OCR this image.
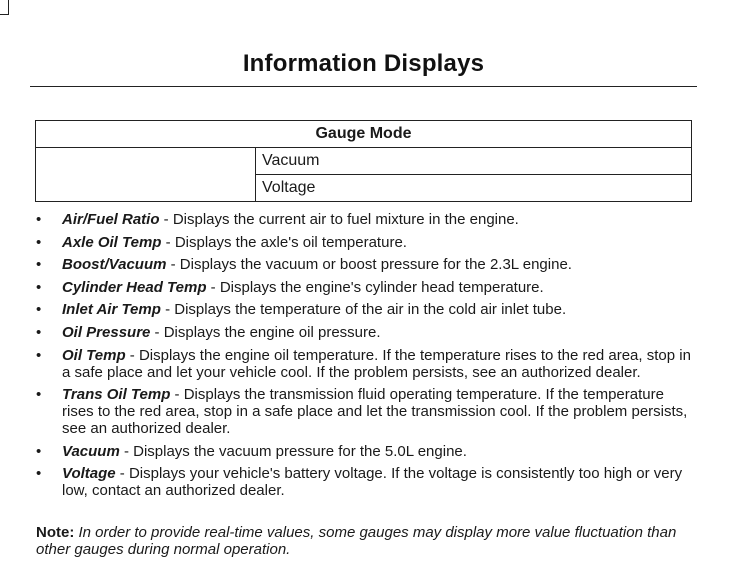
Information Displays
Gauge Mode
	Vacuum
Voltage
• Air/Fuel Ratio - Displays the current air to fuel mixture in the engine.
• Axle Oil Temp - Displays the axle's oil temperature.
• Boost/Vacuum - Displays the vacuum or boost pressure for the 2.3L engine.
• Cylinder Head Temp - Displays the engine's cylinder head temperature.
• Inlet Air Temp - Displays the temperature of the air in the cold air inlet tube.
• Oil Pressure - Displays the engine oil pressure.
• Oil Temp - Displays the engine oil temperature. If the temperature rises to the red area, stop in a safe place and let your vehicle cool. If the problem persists, see an authorized dealer.
• Trans Oil Temp - Displays the transmission fluid operating temperature. If the temperature rises to the red area, stop in a safe place and let the transmission cool. If the problem persists, see an authorized dealer.
• Vacuum - Displays the vacuum pressure for the 5.0L engine.
• Voltage - Displays your vehicle's battery voltage. If the voltage is consistently too high or very low, contact an authorized dealer.
Note: In order to provide real-time values, some gauges may display more value fluctuation than other gauges during normal operation.
